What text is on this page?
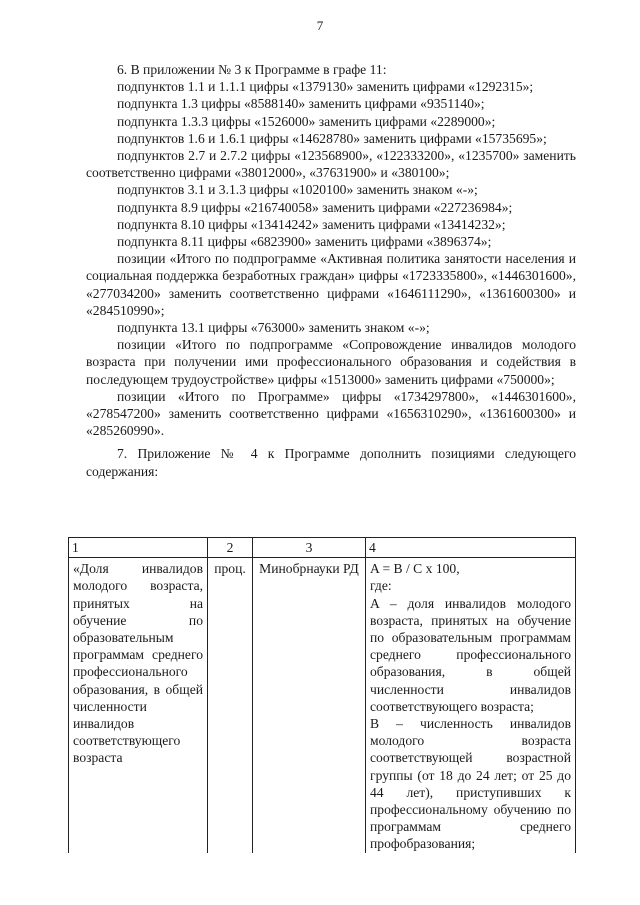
7

6. В приложении № 3 к Программе в графе 11:

подпунктов 1.1 и 1.1.1 цифры «1379130» заменить цифрами «1292315»;

подпункта 1.3 цифры «8588140» заменить цифрами «9351140»;

подпункта 1.3.3 цифры «1526000» заменить цифрами «2289000»;

подпунктов 1.6 и 1.6.1 цифры «14628780» заменить цифрами «15735695»;

подпунктов 2.7 и 2.7.2 цифры «123568900», «122333200», «1235700» заменить соответственно цифрами «38012000», «37631900» и «380100»;

подпунктов 3.1 и 3.1.3 цифры «1020100» заменить знаком «-»;

подпункта 8.9 цифры «216740058» заменить цифрами «227236984»;

подпункта 8.10 цифры «13414242» заменить цифрами «13414232»;

подпункта 8.11 цифры «6823900» заменить цифрами «3896374»;

позиции «Итого по подпрограмме «Активная политика занятости населения и социальная поддержка безработных граждан» цифры «1723335800», «1446301600», «277034200» заменить соответственно цифрами «1646111290», «1361600300» и «284510990»;

подпункта 13.1 цифры «763000» заменить знаком «-»;

позиции «Итого по подпрограмме «Сопровождение инвалидов молодого возраста при получении ими профессионального образования и содействия в последующем трудоустройстве» цифры «1513000» заменить цифрами «750000»;

позиции «Итого по Программе» цифры «1734297800», «1446301600», «278547200» заменить соответственно цифрами «1656310290», «1361600300» и «285260990».

7. Приложение № 4 к Программе дополнить позициями следующего содержания:

1	2	3	4
«Доля инвалидов молодого возраста, принятых на обучение по образовательным программам среднего профессионального образования, в общей численности инвалидов соответствующего возраста	проц.	Минобрнауки РД	A = B / C x 100,

где:

A – доля инвалидов молодого возраста, принятых на обучение по образовательным программам среднего профессионального образования, в общей численности инвалидов соответствующего возраста;

B – численность инвалидов молодого возраста соответствующей возрастной группы (от 18 до 24 лет; от 25 до 44 лет), приступивших к профессиональному обучению по программам среднего профобразования;
